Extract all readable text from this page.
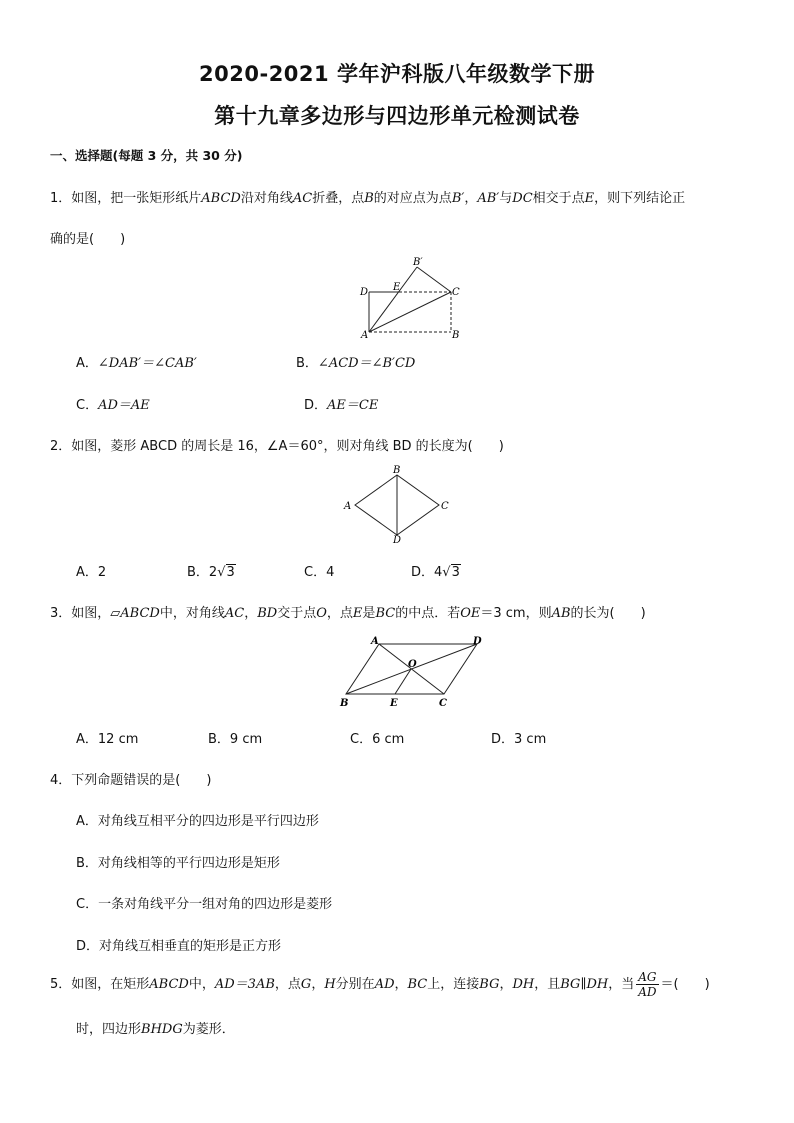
2020-2021 学年沪科版八年级数学下册
第十九章多边形与四边形单元检测试卷
一、选择题(每题 3 分，共 30 分)
1．如图，把一张矩形纸片ABCD沿对角线AC折叠，点B的对应点为点B′，AB′与DC相交于点E，则下列结论正
确的是(　　)
B′
D E	C
A	B
A．∠DAB′＝∠CAB′	B．∠ACD＝∠B′CD
C．AD＝AE	D．AE＝CE
2．如图，菱形 ABCD 的周长是 16，∠A＝60°，则对角线 BD 的长度为(　　)
A
B
C
D
A．2	B．2√3	C．4	D．4√3
3．如图，▱ABCD中，对角线AC，BD交于点O，点E是BC的中点．若OE＝3 cm，则AB的长为(　　)
A	D
O
B	E	C
A．12 cm	B．9 cm	C．6 cm	D．3 cm
4．下列命题错误的是(　　)
A．对角线互相平分的四边形是平行四边形
B．对角线相等的平行四边形是矩形
C．一条对角线平分一组对角的四边形是菱形
D．对角线互相垂直的矩形是正方形
5．如图，在矩形ABCD中，AD＝3AB，点G，H分别在AD，BC上，连接BG，DH，且BG∥DH，当 $\frac{AG}{AD}$ ＝(　　)
时，四边形BHDG为菱形．
